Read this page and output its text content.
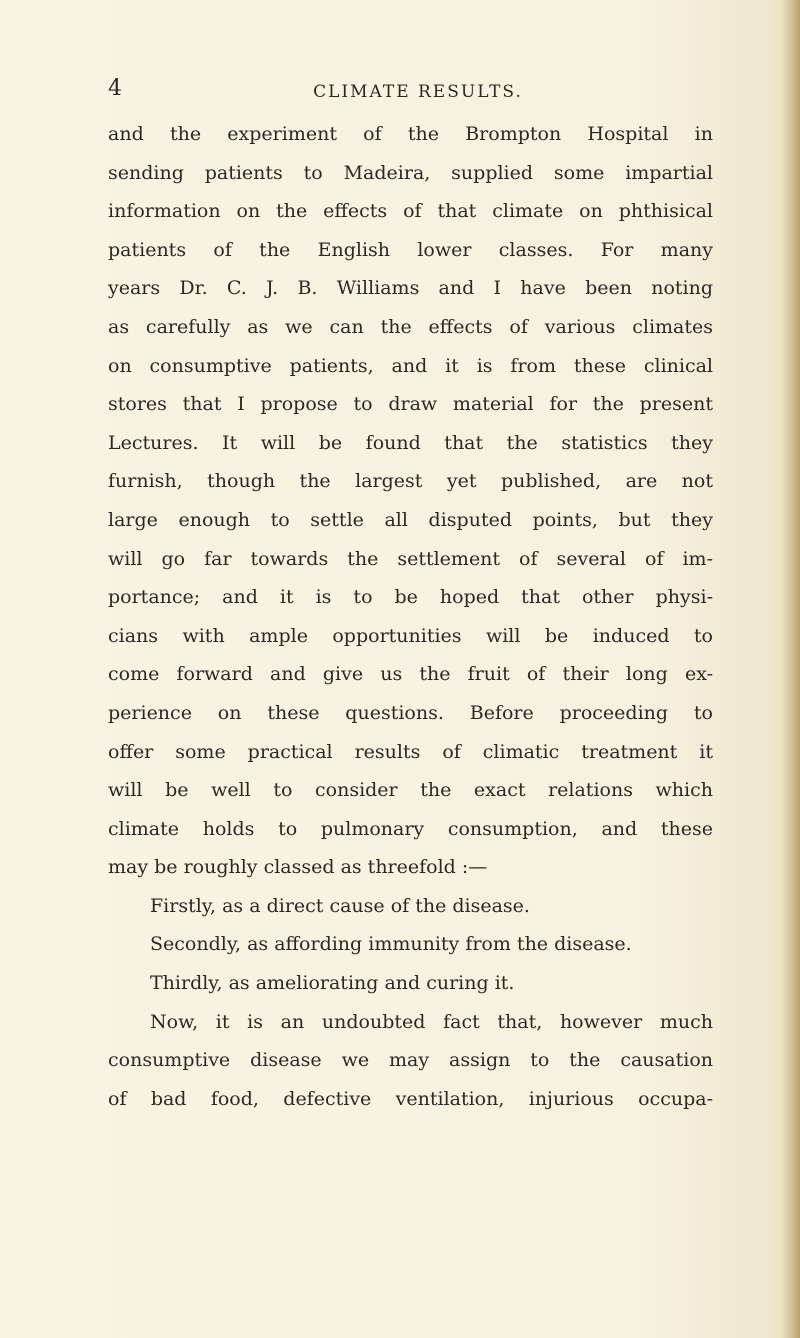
4	CLIMATE RESULTS.
and the experiment of the Brompton Hospital in
sending patients to Madeira, supplied some impartial
information on the effects of that climate on phthisical
patients of the English lower classes. For many
years Dr. C. J. B. Williams and I have been noting
as carefully as we can the effects of various climates
on consumptive patients, and it is from these clinical
stores that I propose to draw material for the present
Lectures. It will be found that the statistics they
furnish, though the largest yet published, are not
large enough to settle all disputed points, but they
will go far towards the settlement of several of im-
portance; and it is to be hoped that other physi-
cians with ample opportunities will be induced to
come forward and give us the fruit of their long ex-
perience on these questions. Before proceeding to
offer some practical results of climatic treatment it
will be well to consider the exact relations which
climate holds to pulmonary consumption, and these
may be roughly classed as threefold :—
Firstly, as a direct cause of the disease.
Secondly, as affording immunity from the disease.
Thirdly, as ameliorating and curing it.
Now, it is an undoubted fact that, however much
consumptive disease we may assign to the causation
of bad food, defective ventilation, injurious occupa-
